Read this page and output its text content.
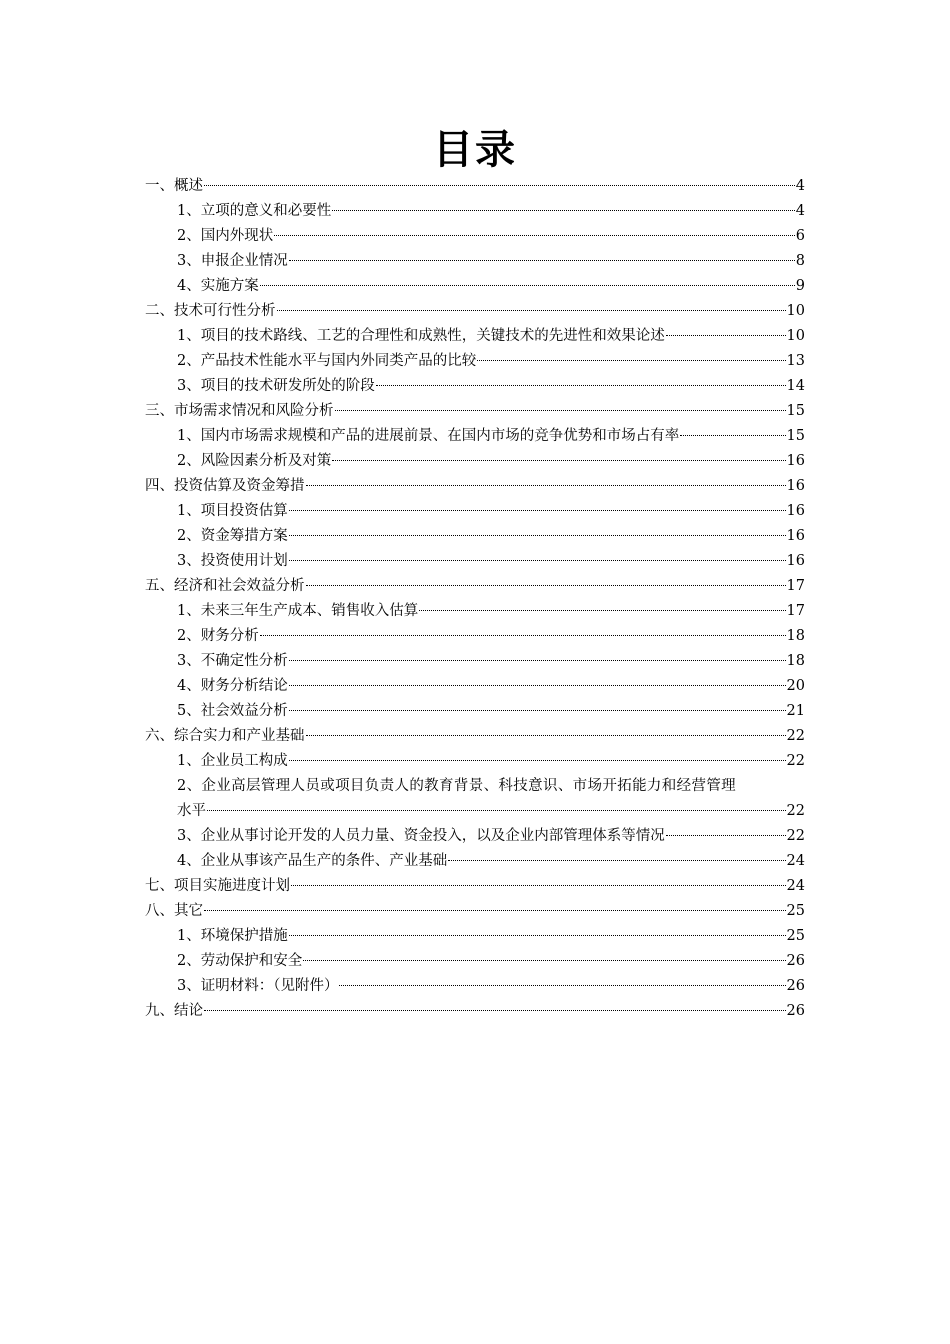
目录
一、概述	4
1、立项的意义和必要性	4
2、国内外现状	6
3、申报企业情况	8
4、实施方案	9
二、技术可行性分析	10
1、项目的技术路线、工艺的合理性和成熟性，关键技术的先进性和效果论述	10
2、产品技术性能水平与国内外同类产品的比较	13
3、项目的技术研发所处的阶段	14
三、市场需求情况和风险分析	15
1、国内市场需求规模和产品的进展前景、在国内市场的竞争优势和市场占有率	15
2、风险因素分析及对策	16
四、投资估算及资金筹措	16
1、项目投资估算	16
2、资金筹措方案	16
3、投资使用计划	16
五、经济和社会效益分析	17
1、未来三年生产成本、销售收入估算	17
2、财务分析	18
3、不确定性分析	18
4、财务分析结论	20
5、社会效益分析	21
六、综合实力和产业基础	22
1、企业员工构成	22
2、企业高层管理人员或项目负责人的教育背景、科技意识、市场开拓能力和经营管理
水平	22
3、企业从事讨论开发的人员力量、资金投入，以及企业内部管理体系等情况	22
4、企业从事该产品生产的条件、产业基础	24
七、项目实施进度计划	24
八、其它	25
1、环境保护措施	25
2、劳动保护和安全	26
3、证明材料：（见附件）	26
九、结论	26
